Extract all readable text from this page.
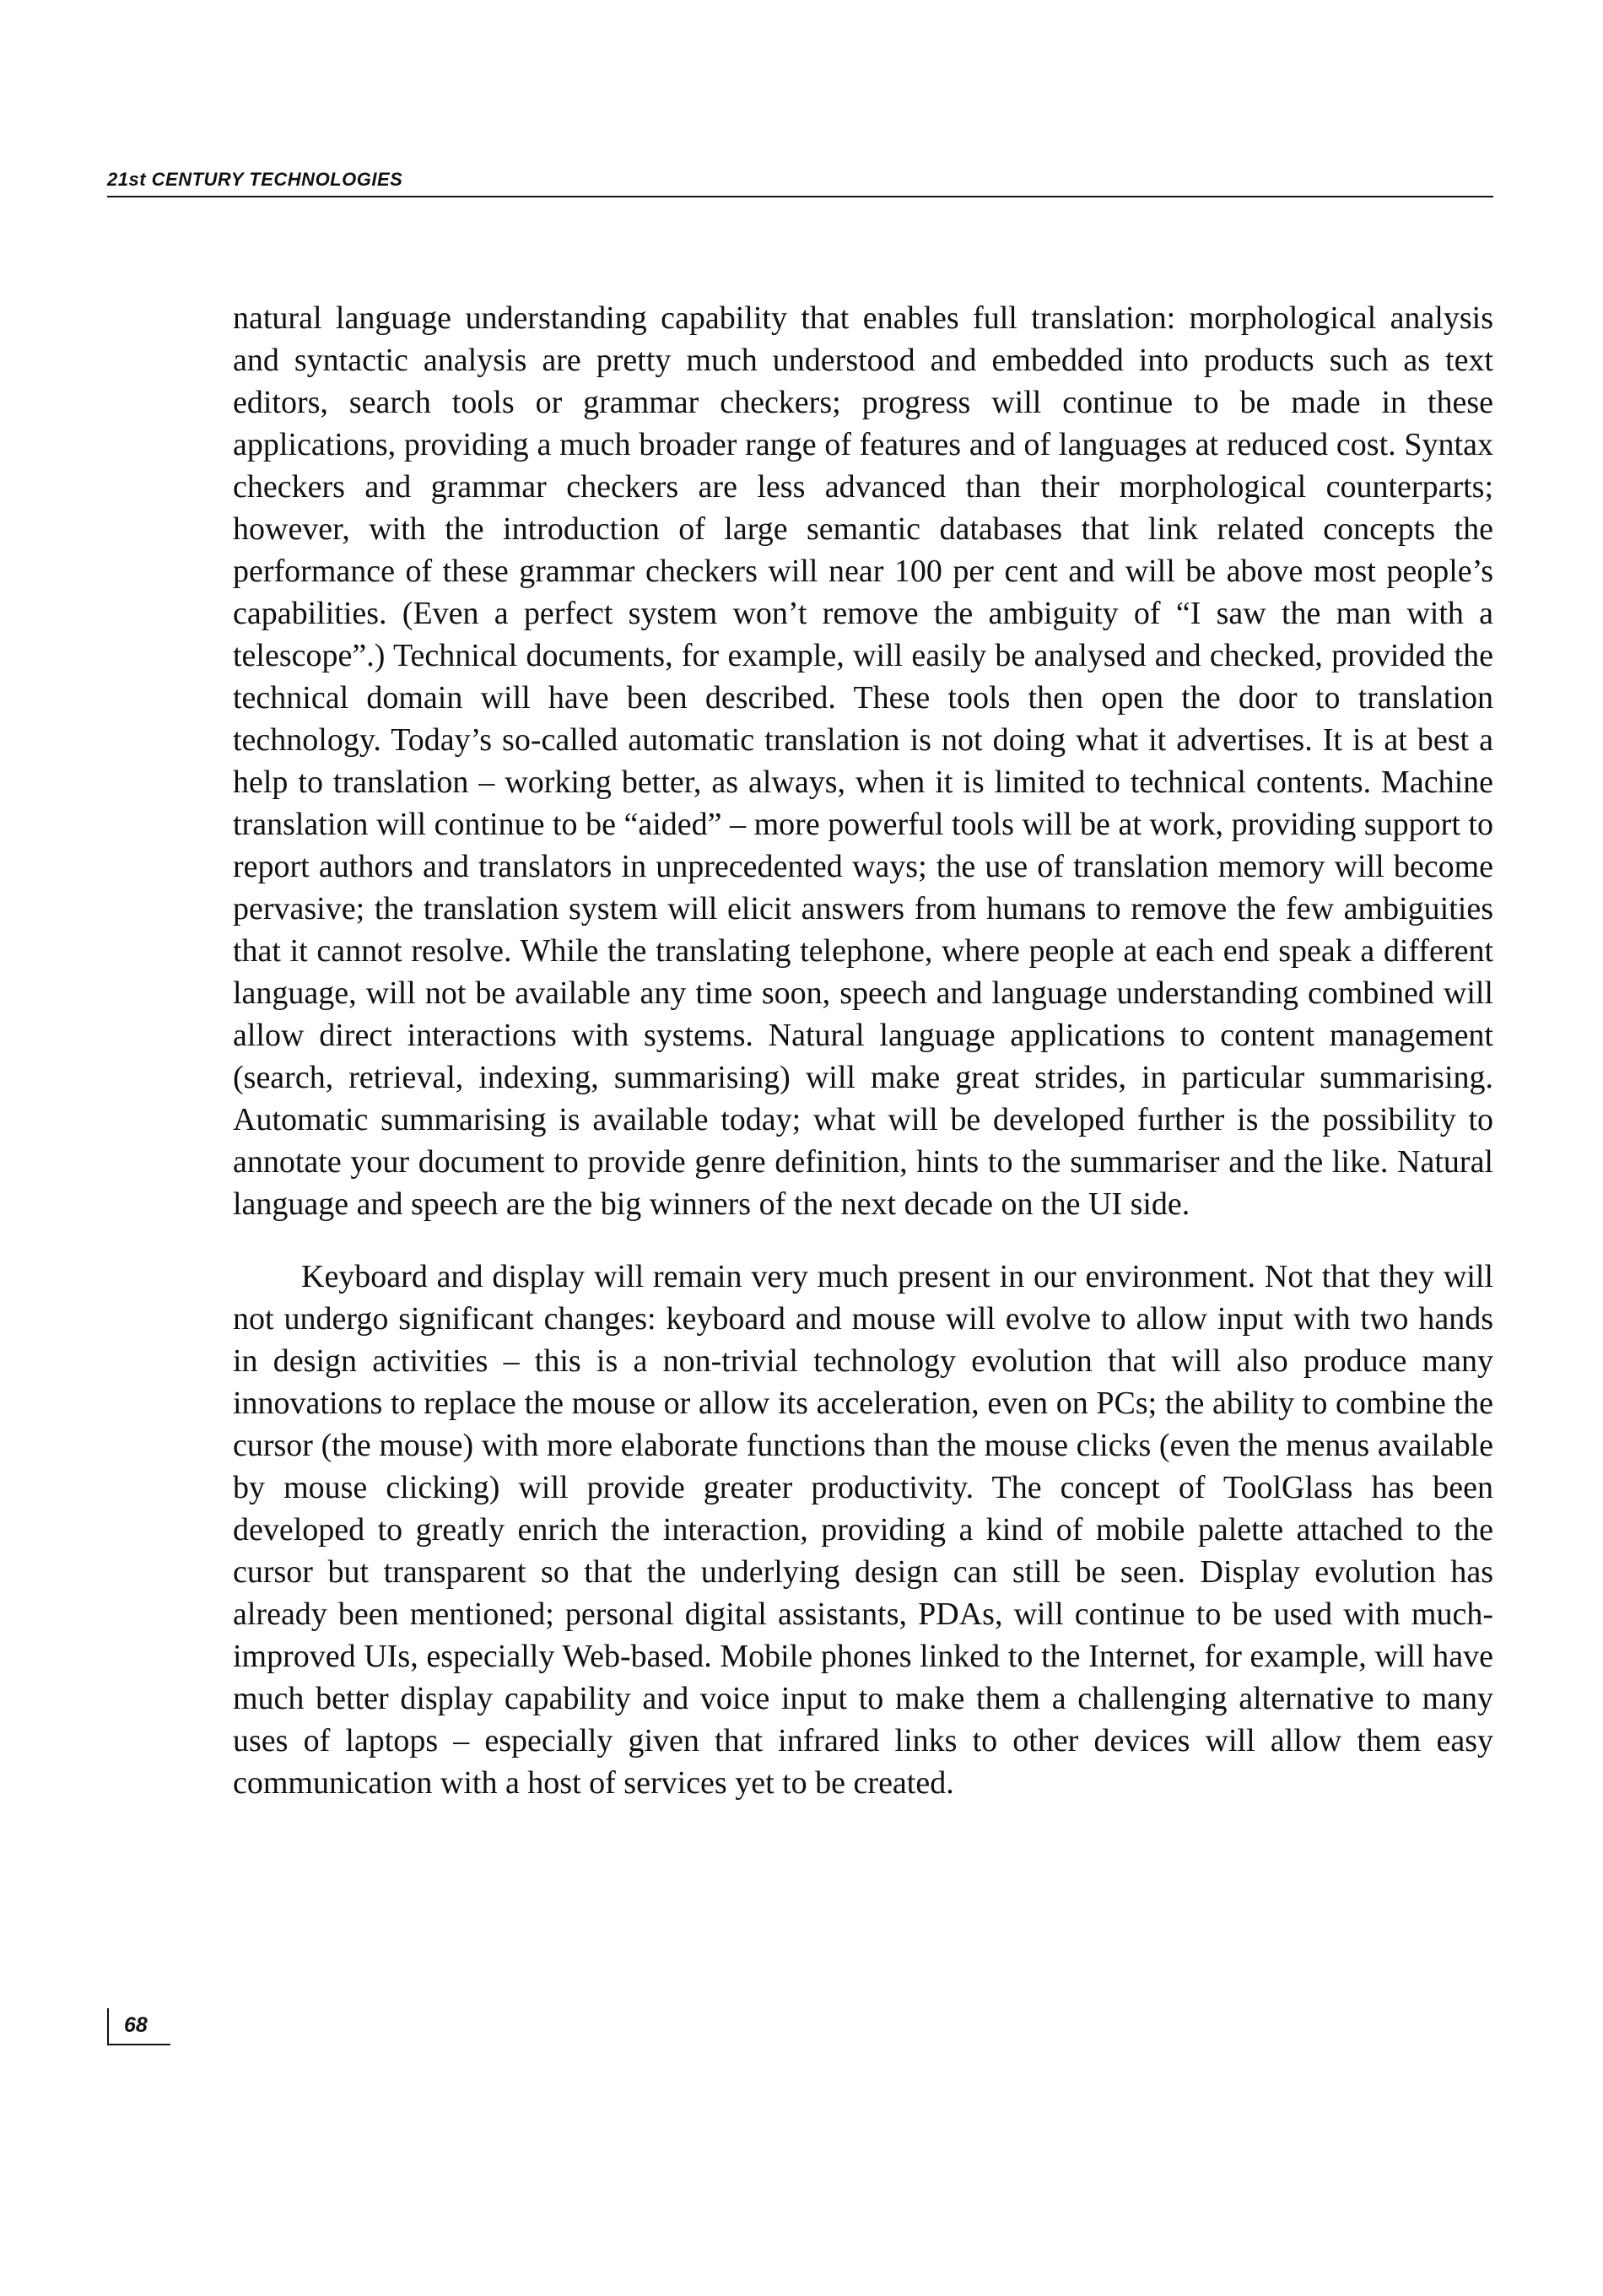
21st CENTURY TECHNOLOGIES

natural language understanding capability that enables full translation: morphological analysis and syntactic analysis are pretty much understood and embedded into products such as text editors, search tools or grammar checkers; progress will continue to be made in these applications, providing a much broader range of features and of languages at reduced cost. Syntax checkers and grammar checkers are less advanced than their morphological counterparts; however, with the introduction of large semantic databases that link related concepts the performance of these grammar checkers will near 100 per cent and will be above most people’s capabilities. (Even a perfect system won’t remove the ambiguity of “I saw the man with a telescope”.) Technical documents, for example, will easily be analysed and checked, provided the technical domain will have been described. These tools then open the door to translation technology. Today’s so-called automatic translation is not doing what it advertises. It is at best a help to translation – working better, as always, when it is limited to technical contents. Machine translation will continue to be “aided” – more powerful tools will be at work, providing support to report authors and translators in unprecedented ways; the use of translation memory will become pervasive; the translation system will elicit answers from humans to remove the few ambiguities that it cannot resolve. While the translating telephone, where people at each end speak a different language, will not be available any time soon, speech and language understanding combined will allow direct interactions with systems. Natural language applications to content management (search, retrieval, indexing, summarising) will make great strides, in particular summarising. Automatic summarising is available today; what will be developed further is the possibility to annotate your document to provide genre definition, hints to the summariser and the like. Natural language and speech are the big winners of the next decade on the UI side.

Keyboard and display will remain very much present in our environment. Not that they will not undergo significant changes: keyboard and mouse will evolve to allow input with two hands in design activities – this is a non-trivial technology evolution that will also produce many innovations to replace the mouse or allow its acceleration, even on PCs; the ability to combine the cursor (the mouse) with more elaborate functions than the mouse clicks (even the menus available by mouse clicking) will provide greater productivity. The concept of ToolGlass has been developed to greatly enrich the interaction, providing a kind of mobile palette attached to the cursor but transparent so that the underlying design can still be seen. Display evolution has already been mentioned; personal digital assistants, PDAs, will continue to be used with much-improved UIs, especially Web-based. Mobile phones linked to the Internet, for example, will have much better display capability and voice input to make them a challenging alternative to many uses of laptops – especially given that infrared links to other devices will allow them easy communication with a host of services yet to be created.

68
